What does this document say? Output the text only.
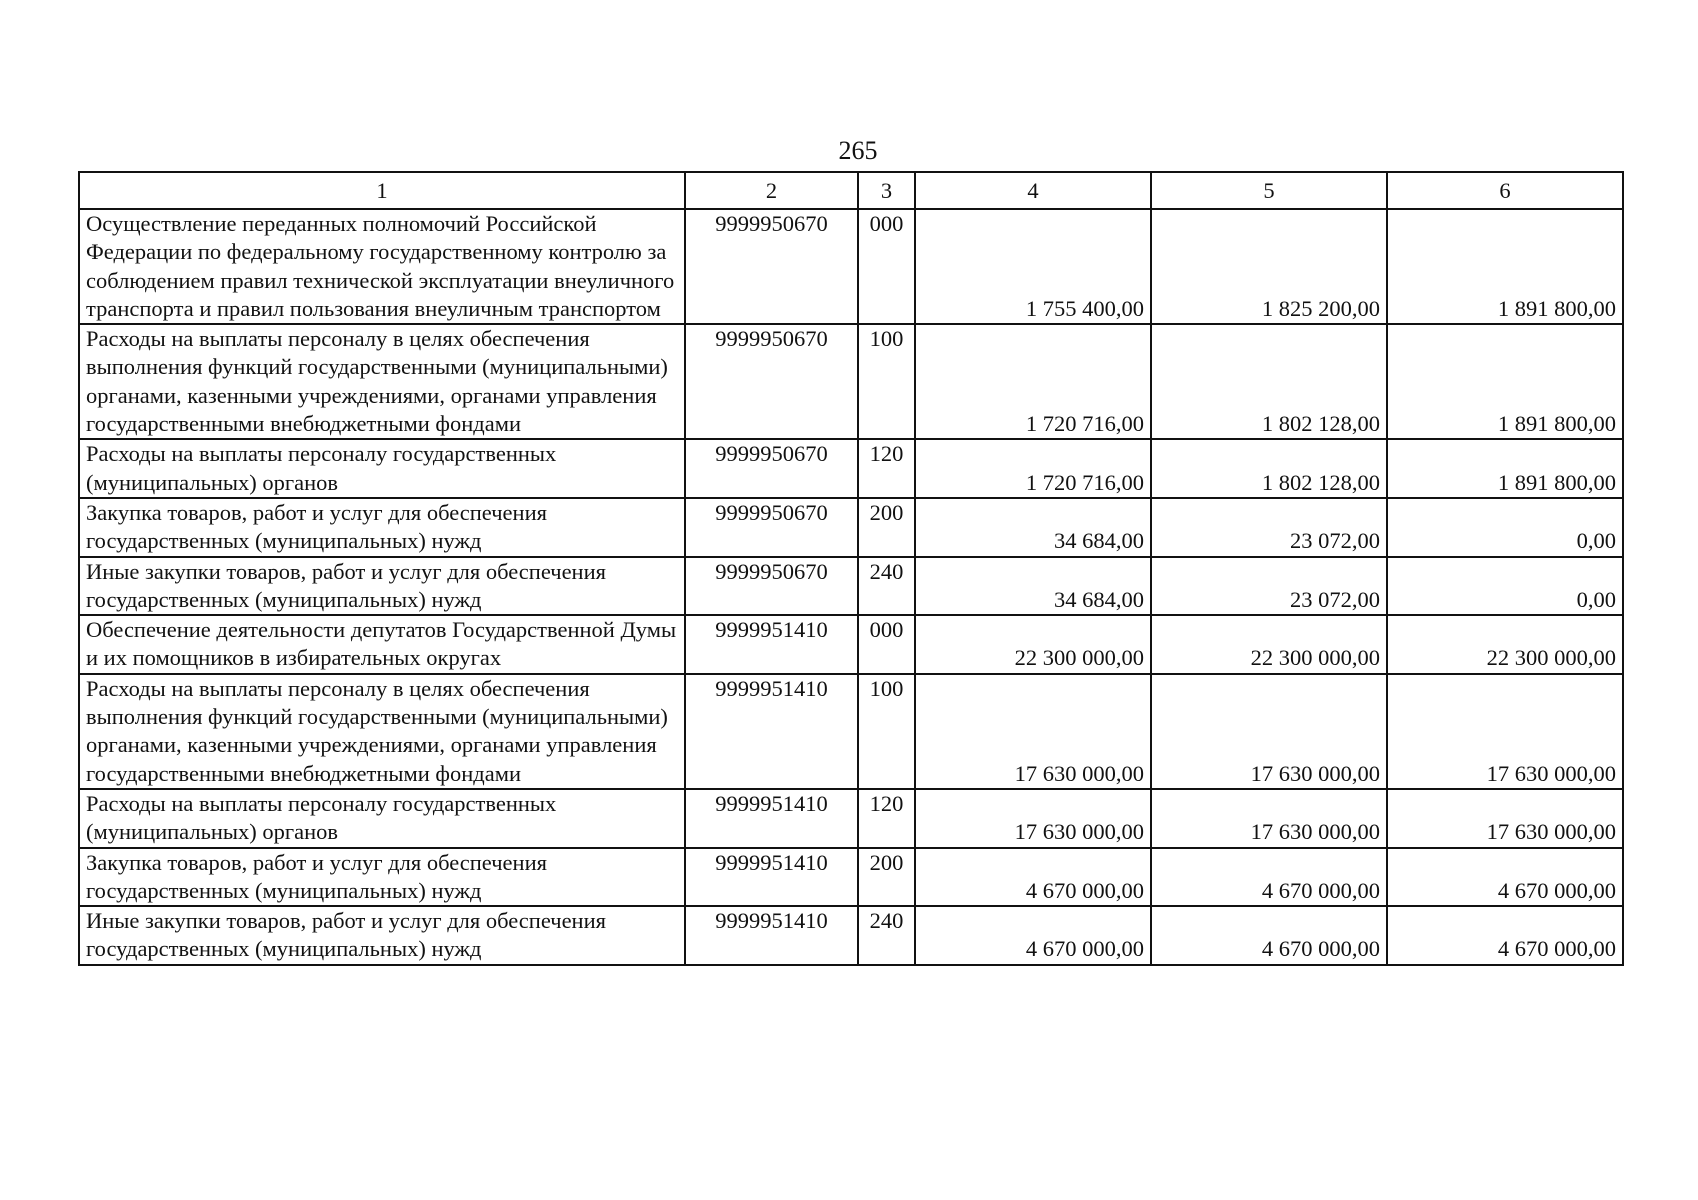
265
1	2	3	4	5	6
Осуществление переданных полномочий Российской Федерации по федеральному государственному контролю за соблюдением правил технической эксплуатации внеуличного транспорта и правил пользования внеуличным транспортом	9999950670	000	1 755 400,00	1 825 200,00	1 891 800,00
Расходы на выплаты персоналу в целях обеспечения выполнения функций государственными (муниципальными) органами, казенными учреждениями, органами управления государственными внебюджетными фондами	9999950670	100	1 720 716,00	1 802 128,00	1 891 800,00
Расходы на выплаты персоналу государственных (муниципальных) органов	9999950670	120	1 720 716,00	1 802 128,00	1 891 800,00
Закупка товаров, работ и услуг для обеспечения государственных (муниципальных) нужд	9999950670	200	34 684,00	23 072,00	0,00
Иные закупки товаров, работ и услуг для обеспечения государственных (муниципальных) нужд	9999950670	240	34 684,00	23 072,00	0,00
Обеспечение деятельности депутатов Государственной Думы и их помощников в избирательных округах	9999951410	000	22 300 000,00	22 300 000,00	22 300 000,00
Расходы на выплаты персоналу в целях обеспечения выполнения функций государственными (муниципальными) органами, казенными учреждениями, органами управления государственными внебюджетными фондами	9999951410	100	17 630 000,00	17 630 000,00	17 630 000,00
Расходы на выплаты персоналу государственных (муниципальных) органов	9999951410	120	17 630 000,00	17 630 000,00	17 630 000,00
Закупка товаров, работ и услуг для обеспечения государственных (муниципальных) нужд	9999951410	200	4 670 000,00	4 670 000,00	4 670 000,00
Иные закупки товаров, работ и услуг для обеспечения государственных (муниципальных) нужд	9999951410	240	4 670 000,00	4 670 000,00	4 670 000,00
